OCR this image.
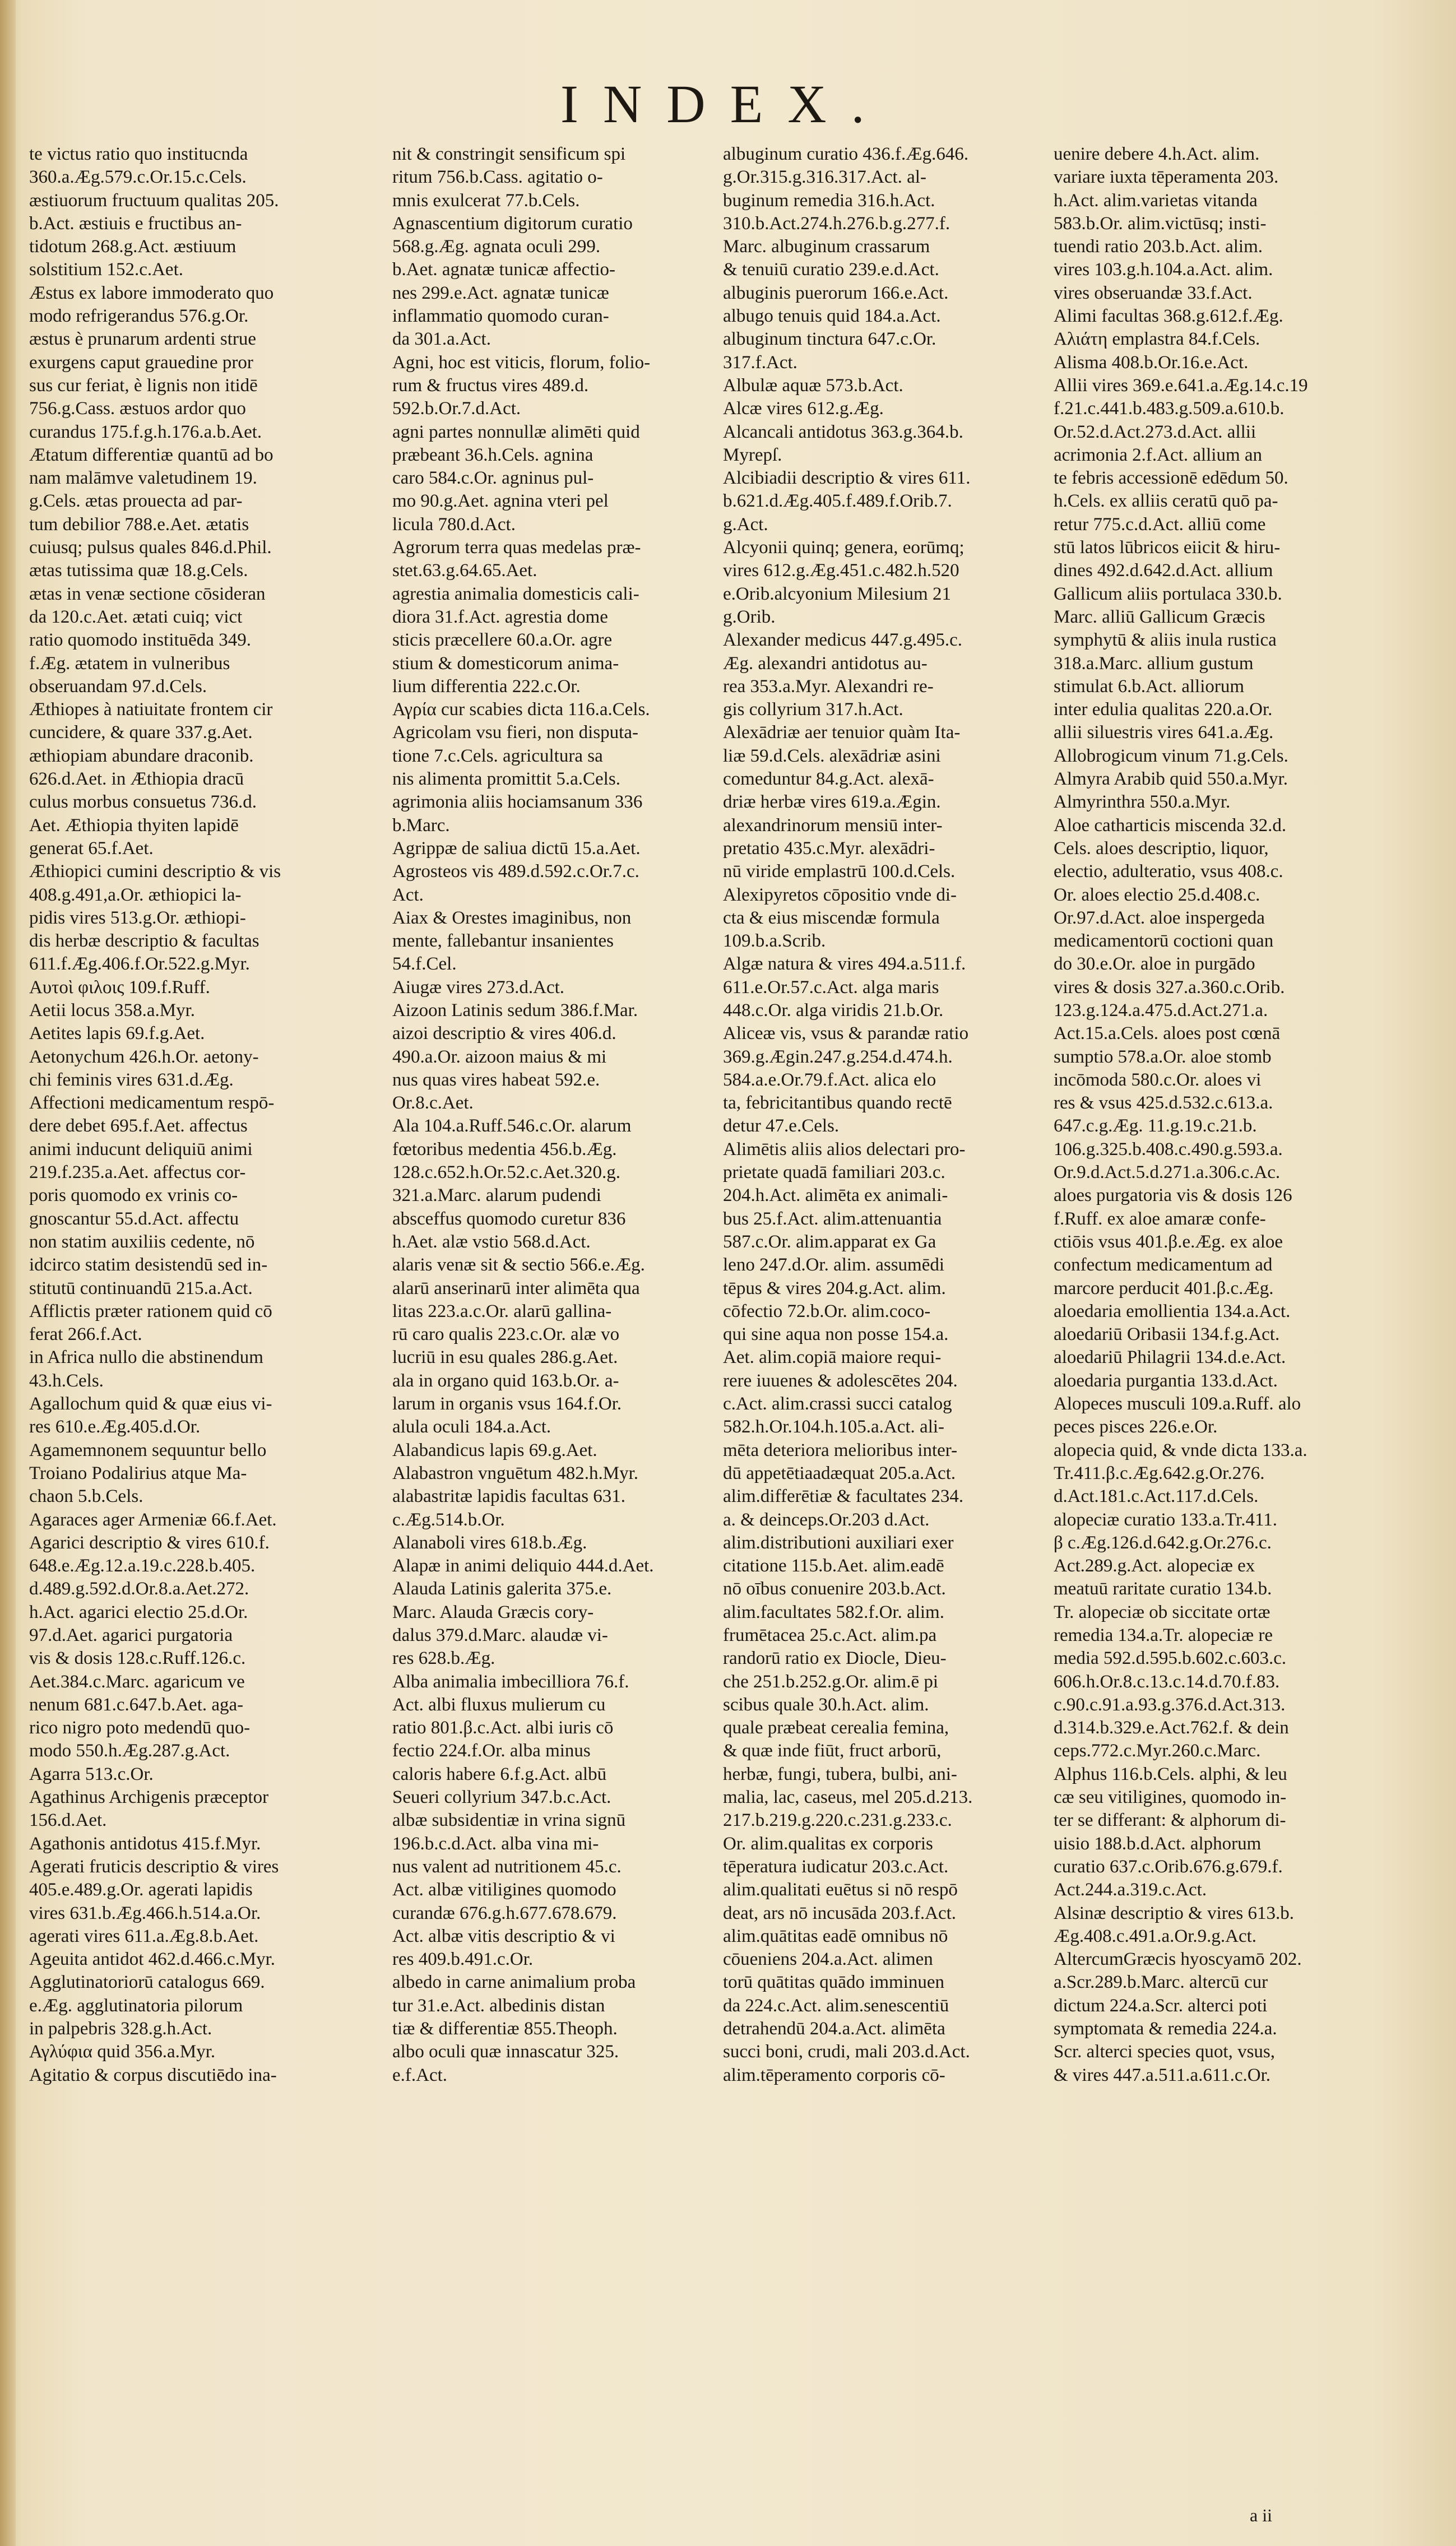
INDEX.
te victus ratio quo institucnda
360.a.Æg.579.c.Or.15.c.Cels.
æstiuorum fructuum qualitas 205.
b.Act. æstiuis e fructibus an-
tidotum 268.g.Act. æstiuum
solstitium 152.c.Aet.
Æstus ex labore immoderato quo
modo refrigerandus 576.g.Or.
æstus è prunarum ardenti strue
exurgens caput grauedine pror
sus cur feriat, è lignis non itidē
756.g.Cass. æstuos ardor quo
curandus 175.f.g.h.176.a.b.Aet.
Ætatum differentiæ quantū ad bo
nam malāmve valetudinem 19.
g.Cels. ætas prouecta ad par-
tum debilior 788.e.Aet. ætatis
cuiusq; pulsus quales 846.d.Phil.
ætas tutissima quæ 18.g.Cels.
ætas in venæ sectione cōsideran
da 120.c.Aet. ætati cuiq; vict
ratio quomodo instituēda 349.
f.Æg. ætatem in vulneribus
obseruandam 97.d.Cels.
Æthiopes à natiuitate frontem cir
cuncidere, & quare 337.g.Aet.
æthiopiam abundare draconib.
626.d.Aet. in Æthiopia dracū
culus morbus consuetus 736.d.
Aet. Æthiopia thyiten lapidē
generat 65.f.Aet.
Æthiopici cumini descriptio & vis
408.g.491,a.Or. æthiopici la-
pidis vires 513.g.Or. æthiopi-
dis herbæ descriptio & facultas
611.f.Æg.406.f.Or.522.g.Myr.
Αυτοὶ φιλοις 109.f.Ruff.
Aetii locus 358.a.Myr.
Aetites lapis 69.f.g.Aet.
Aetonychum 426.h.Or. aetony-
chi feminis vires 631.d.Æg.
Affectioni medicamentum respō-
dere debet 695.f.Aet. affectus
animi inducunt deliquiū animi
219.f.235.a.Aet. affectus cor-
poris quomodo ex vrinis co-
gnoscantur 55.d.Act. affectu
non statim auxiliis cedente, nō
idcirco statim desistendū sed in-
stitutū continuandū 215.a.Act.
Afflictis præter rationem quid cō
ferat 266.f.Act.
in Africa nullo die abstinendum
43.h.Cels.
Agallochum quid & quæ eius vi-
res 610.e.Æg.405.d.Or.
Agamemnonem sequuntur bello
Troiano Podalirius atque Ma-
chaon 5.b.Cels.
Agaraces ager Armeniæ 66.f.Aet.
Agarici descriptio & vires 610.f.
648.e.Æg.12.a.19.c.228.b.405.
d.489.g.592.d.Or.8.a.Aet.272.
h.Act. agarici electio 25.d.Or.
97.d.Aet. agarici purgatoria
vis & dosis 128.c.Ruff.126.c.
Aet.384.c.Marc. agaricum ve
nenum 681.c.647.b.Aet. aga-
rico nigro poto medendū quo-
modo 550.h.Æg.287.g.Act.
Agarra 513.c.Or.
Agathinus Archigenis præceptor
156.d.Aet.
Agathonis antidotus 415.f.Myr.
Agerati fruticis descriptio & vires
405.e.489.g.Or. agerati lapidis
vires 631.b.Æg.466.h.514.a.Or.
agerati vires 611.a.Æg.8.b.Aet.
Ageuita antidot 462.d.466.c.Myr.
Agglutinatoriorū catalogus 669.
e.Æg. agglutinatoria pilorum
in palpebris 328.g.h.Act.
Αγλύφια quid 356.a.Myr.
Agitatio & corpus discutiēdo ina-
nit & constringit sensificum spi
ritum 756.b.Cass. agitatio o-
mnis exulcerat 77.b.Cels.
Agnascentium digitorum curatio
568.g.Æg. agnata oculi 299.
b.Aet. agnatæ tunicæ affectio-
nes 299.e.Act. agnatæ tunicæ
inflammatio quomodo curan-
da 301.a.Act.
Agni, hoc est viticis, florum, folio-
rum & fructus vires 489.d.
592.b.Or.7.d.Act.
agni partes nonnullæ alimēti quid
præbeant 36.h.Cels. agnina
caro 584.c.Or. agninus pul-
mo 90.g.Aet. agnina vteri pel
licula 780.d.Act.
Agrorum terra quas medelas præ-
stet.63.g.64.65.Aet.
agrestia animalia domesticis cali-
diora 31.f.Act. agrestia dome
sticis præcellere 60.a.Or. agre
stium & domesticorum anima-
lium differentia 222.c.Or.
Αγρία cur scabies dicta 116.a.Cels.
Agricolam vsu fieri, non disputa-
tione 7.c.Cels. agricultura sa
nis alimenta promittit 5.a.Cels.
agrimonia aliis hociamsanum 336
b.Marc.
Agrippæ de saliua dictū 15.a.Aet.
Agrosteos vis 489.d.592.c.Or.7.c.
Act.
Aiax & Orestes imaginibus, non
mente, fallebantur insanientes
54.f.Cel.
Aiugæ vires 273.d.Act.
Aizoon Latinis sedum 386.f.Mar.
aizoi descriptio & vires 406.d.
490.a.Or. aizoon maius & mi
nus quas vires habeat 592.e.
Or.8.c.Aet.
Ala 104.a.Ruff.546.c.Or. alarum
fœtoribus medentia 456.b.Æg.
128.c.652.h.Or.52.c.Aet.320.g.
321.a.Marc. alarum pudendi
absceffus quomodo curetur 836
h.Aet. alæ vstio 568.d.Act.
alaris venæ sit & sectio 566.e.Æg.
alarū anserinarū inter alimēta qua
litas 223.a.c.Or. alarū gallina-
rū caro qualis 223.c.Or. alæ vo
lucriū in esu quales 286.g.Aet.
ala in organo quid 163.b.Or. a-
larum in organis vsus 164.f.Or.
alula oculi 184.a.Act.
Alabandicus lapis 69.g.Aet.
Alabastron vnguētum 482.h.Myr.
alabastritæ lapidis facultas 631.
c.Æg.514.b.Or.
Alanaboli vires 618.b.Æg.
Alapæ in animi deliquio 444.d.Aet.
Alauda Latinis galerita 375.e.
Marc. Alauda Græcis cory-
dalus 379.d.Marc. alaudæ vi-
res 628.b.Æg.
Alba animalia imbecilliora 76.f.
Act. albi fluxus mulierum cu
ratio 801.β.c.Act. albi iuris cō
fectio 224.f.Or. alba minus
caloris habere 6.f.g.Act. albū
Seueri collyrium 347.b.c.Act.
albæ subsidentiæ in vrina signū
196.b.c.d.Act. alba vina mi-
nus valent ad nutritionem 45.c.
Act. albæ vitiligines quomodo
curandæ 676.g.h.677.678.679.
Act. albæ vitis descriptio & vi
res 409.b.491.c.Or.
albedo in carne animalium proba
tur 31.e.Act. albedinis distan
tiæ & differentiæ 855.Theoph.
albo oculi quæ innascatur 325.
e.f.Act.
albuginum curatio 436.f.Æg.646.
g.Or.315.g.316.317.Act. al-
buginum remedia 316.h.Act.
310.b.Act.274.h.276.b.g.277.f.
Marc. albuginum crassarum
& tenuiū curatio 239.e.d.Act.
albuginis puerorum 166.e.Act.
albugo tenuis quid 184.a.Act.
albuginum tinctura 647.c.Or.
317.f.Act.
Albulæ aquæ 573.b.Act.
Alcæ vires 612.g.Æg.
Alcancali antidotus 363.g.364.b.
Myrepſ.
Alcibiadii descriptio & vires 611.
b.621.d.Æg.405.f.489.f.Orib.7.
g.Act.
Alcyonii quinq; genera, eorūmq;
vires 612.g.Æg.451.c.482.h.520
e.Orib.alcyonium Milesium 21
g.Orib.
Alexander medicus 447.g.495.c.
Æg. alexandri antidotus au-
rea 353.a.Myr. Alexandri re-
gis collyrium 317.h.Act.
Alexādriæ aer tenuior quàm Ita-
liæ 59.d.Cels. alexādriæ asini
comeduntur 84.g.Act. alexā-
driæ herbæ vires 619.a.Ægin.
alexandrinorum mensiū inter-
pretatio 435.c.Myr. alexādri-
nū viride emplastrū 100.d.Cels.
Alexipyretos cōpositio vnde di-
cta & eius miscendæ formula
109.b.a.Scrib.
Algæ natura & vires 494.a.511.f.
611.e.Or.57.c.Act. alga maris
448.c.Or. alga viridis 21.b.Or.
Aliceæ vis, vsus & parandæ ratio
369.g.Ægin.247.g.254.d.474.h.
584.a.e.Or.79.f.Act. alica elo
ta, febricitantibus quando rectē
detur 47.e.Cels.
Alimētis aliis alios delectari pro-
prietate quadā familiari 203.c.
204.h.Act. alimēta ex animali-
bus 25.f.Act. alim.attenuantia
587.c.Or. alim.apparat ex Ga
leno 247.d.Or. alim. assumēdi
tēpus & vires 204.g.Act. alim.
cōfectio 72.b.Or. alim.coco-
qui sine aqua non posse 154.a.
Aet. alim.copiā maiore requi-
rere iuuenes & adolescētes 204.
c.Act. alim.crassi succi catalog
582.h.Or.104.h.105.a.Act. ali-
mēta deteriora melioribus inter-
dū appetētiaadæquat 205.a.Act.
alim.differētiæ & facultates 234.
a. & deinceps.Or.203 d.Act.
alim.distributioni auxiliari exer
citatione 115.b.Aet. alim.eadē
nō oībus conuenire 203.b.Act.
alim.facultates 582.f.Or. alim.
frumētacea 25.c.Act. alim.pa
randorū ratio ex Diocle, Dieu-
che 251.b.252.g.Or. alim.ē pi
scibus quale 30.h.Act. alim.
quale præbeat cerealia femina,
& quæ inde fiūt, fruct arborū,
herbæ, fungi, tubera, bulbi, ani-
malia, lac, caseus, mel 205.d.213.
217.b.219.g.220.c.231.g.233.c.
Or. alim.qualitas ex corporis
tēperatura iudicatur 203.c.Act.
alim.qualitati euētus si nō respō
deat, ars nō incusāda 203.f.Act.
alim.quātitas eadē omnibus nō
cōueniens 204.a.Act. alimen
torū quātitas quādo imminuen
da 224.c.Act. alim.senescentiū
detrahendū 204.a.Act. alimēta
succi boni, crudi, mali 203.d.Act.
alim.tēperamento corporis cō-
uenire debere 4.h.Act. alim.
variare iuxta tēperamenta 203.
h.Act. alim.varietas vitanda
583.b.Or. alim.victūsq; insti-
tuendi ratio 203.b.Act. alim.
vires 103.g.h.104.a.Act. alim.
vires obseruandæ 33.f.Act.
Alimi facultas 368.g.612.f.Æg.
Αλιάτη emplastra 84.f.Cels.
Alisma 408.b.Or.16.e.Act.
Allii vires 369.e.641.a.Æg.14.c.19
f.21.c.441.b.483.g.509.a.610.b.
Or.52.d.Act.273.d.Act. allii
acrimonia 2.f.Act. allium an
te febris accessionē edēdum 50.
h.Cels. ex alliis ceratū quō pa-
retur 775.c.d.Act. alliū come
stū latos lūbricos eiicit & hiru-
dines 492.d.642.d.Act. allium
Gallicum aliis portulaca 330.b.
Marc. alliū Gallicum Græcis
symphytū & aliis inula rustica
318.a.Marc. allium gustum
stimulat 6.b.Act. alliorum
inter edulia qualitas 220.a.Or.
allii siluestris vires 641.a.Æg.
Allobrogicum vinum 71.g.Cels.
Almyra Arabib quid 550.a.Myr.
Almyrinthra 550.a.Myr.
Aloe catharticis miscenda 32.d.
Cels. aloes descriptio, liquor,
electio, adulteratio, vsus 408.c.
Or. aloes electio 25.d.408.c.
Or.97.d.Act. aloe inspergeda
medicamentorū coctioni quan
do 30.e.Or. aloe in purgādo
vires & dosis 327.a.360.c.Orib.
123.g.124.a.475.d.Act.271.a.
Act.15.a.Cels. aloes post cœnā
sumptio 578.a.Or. aloe stomb
incōmoda 580.c.Or. aloes vi
res & vsus 425.d.532.c.613.a.
647.c.g.Æg. 11.g.19.c.21.b.
106.g.325.b.408.c.490.g.593.a.
Or.9.d.Act.5.d.271.a.306.c.Ac.
aloes purgatoria vis & dosis 126
f.Ruff. ex aloe amaræ confe-
ctiōis vsus 401.β.e.Æg. ex aloe
confectum medicamentum ad
marcore perducit 401.β.c.Æg.
aloedaria emollientia 134.a.Act.
aloedariū Oribasii 134.f.g.Act.
aloedariū Philagrii 134.d.e.Act.
aloedaria purgantia 133.d.Act.
Alopeces musculi 109.a.Ruff. alo
peces pisces 226.e.Or.
alopecia quid, & vnde dicta 133.a.
Tr.411.β.c.Æg.642.g.Or.276.
d.Act.181.c.Act.117.d.Cels.
alopeciæ curatio 133.a.Tr.411.
β c.Æg.126.d.642.g.Or.276.c.
Act.289.g.Act. alopeciæ ex
meatuū raritate curatio 134.b.
Tr. alopeciæ ob siccitate ortæ
remedia 134.a.Tr. alopeciæ re
media 592.d.595.b.602.c.603.c.
606.h.Or.8.c.13.c.14.d.70.f.83.
c.90.c.91.a.93.g.376.d.Act.313.
d.314.b.329.e.Act.762.f. & dein
ceps.772.c.Myr.260.c.Marc.
Alphus 116.b.Cels. alphi, & leu
cæ seu vitiligines, quomodo in-
ter se differant: & alphorum di-
uisio 188.b.d.Act. alphorum
curatio 637.c.Orib.676.g.679.f.
Act.244.a.319.c.Act.
Alsinæ descriptio & vires 613.b.
Æg.408.c.491.a.Or.9.g.Act.
AltercumGræcis hyoscyamō 202.
a.Scr.289.b.Marc. altercū cur
dictum 224.a.Scr. alterci poti
symptomata & remedia 224.a.
Scr. alterci species quot, vsus,
& vires 447.a.511.a.611.c.Or.
a ii
